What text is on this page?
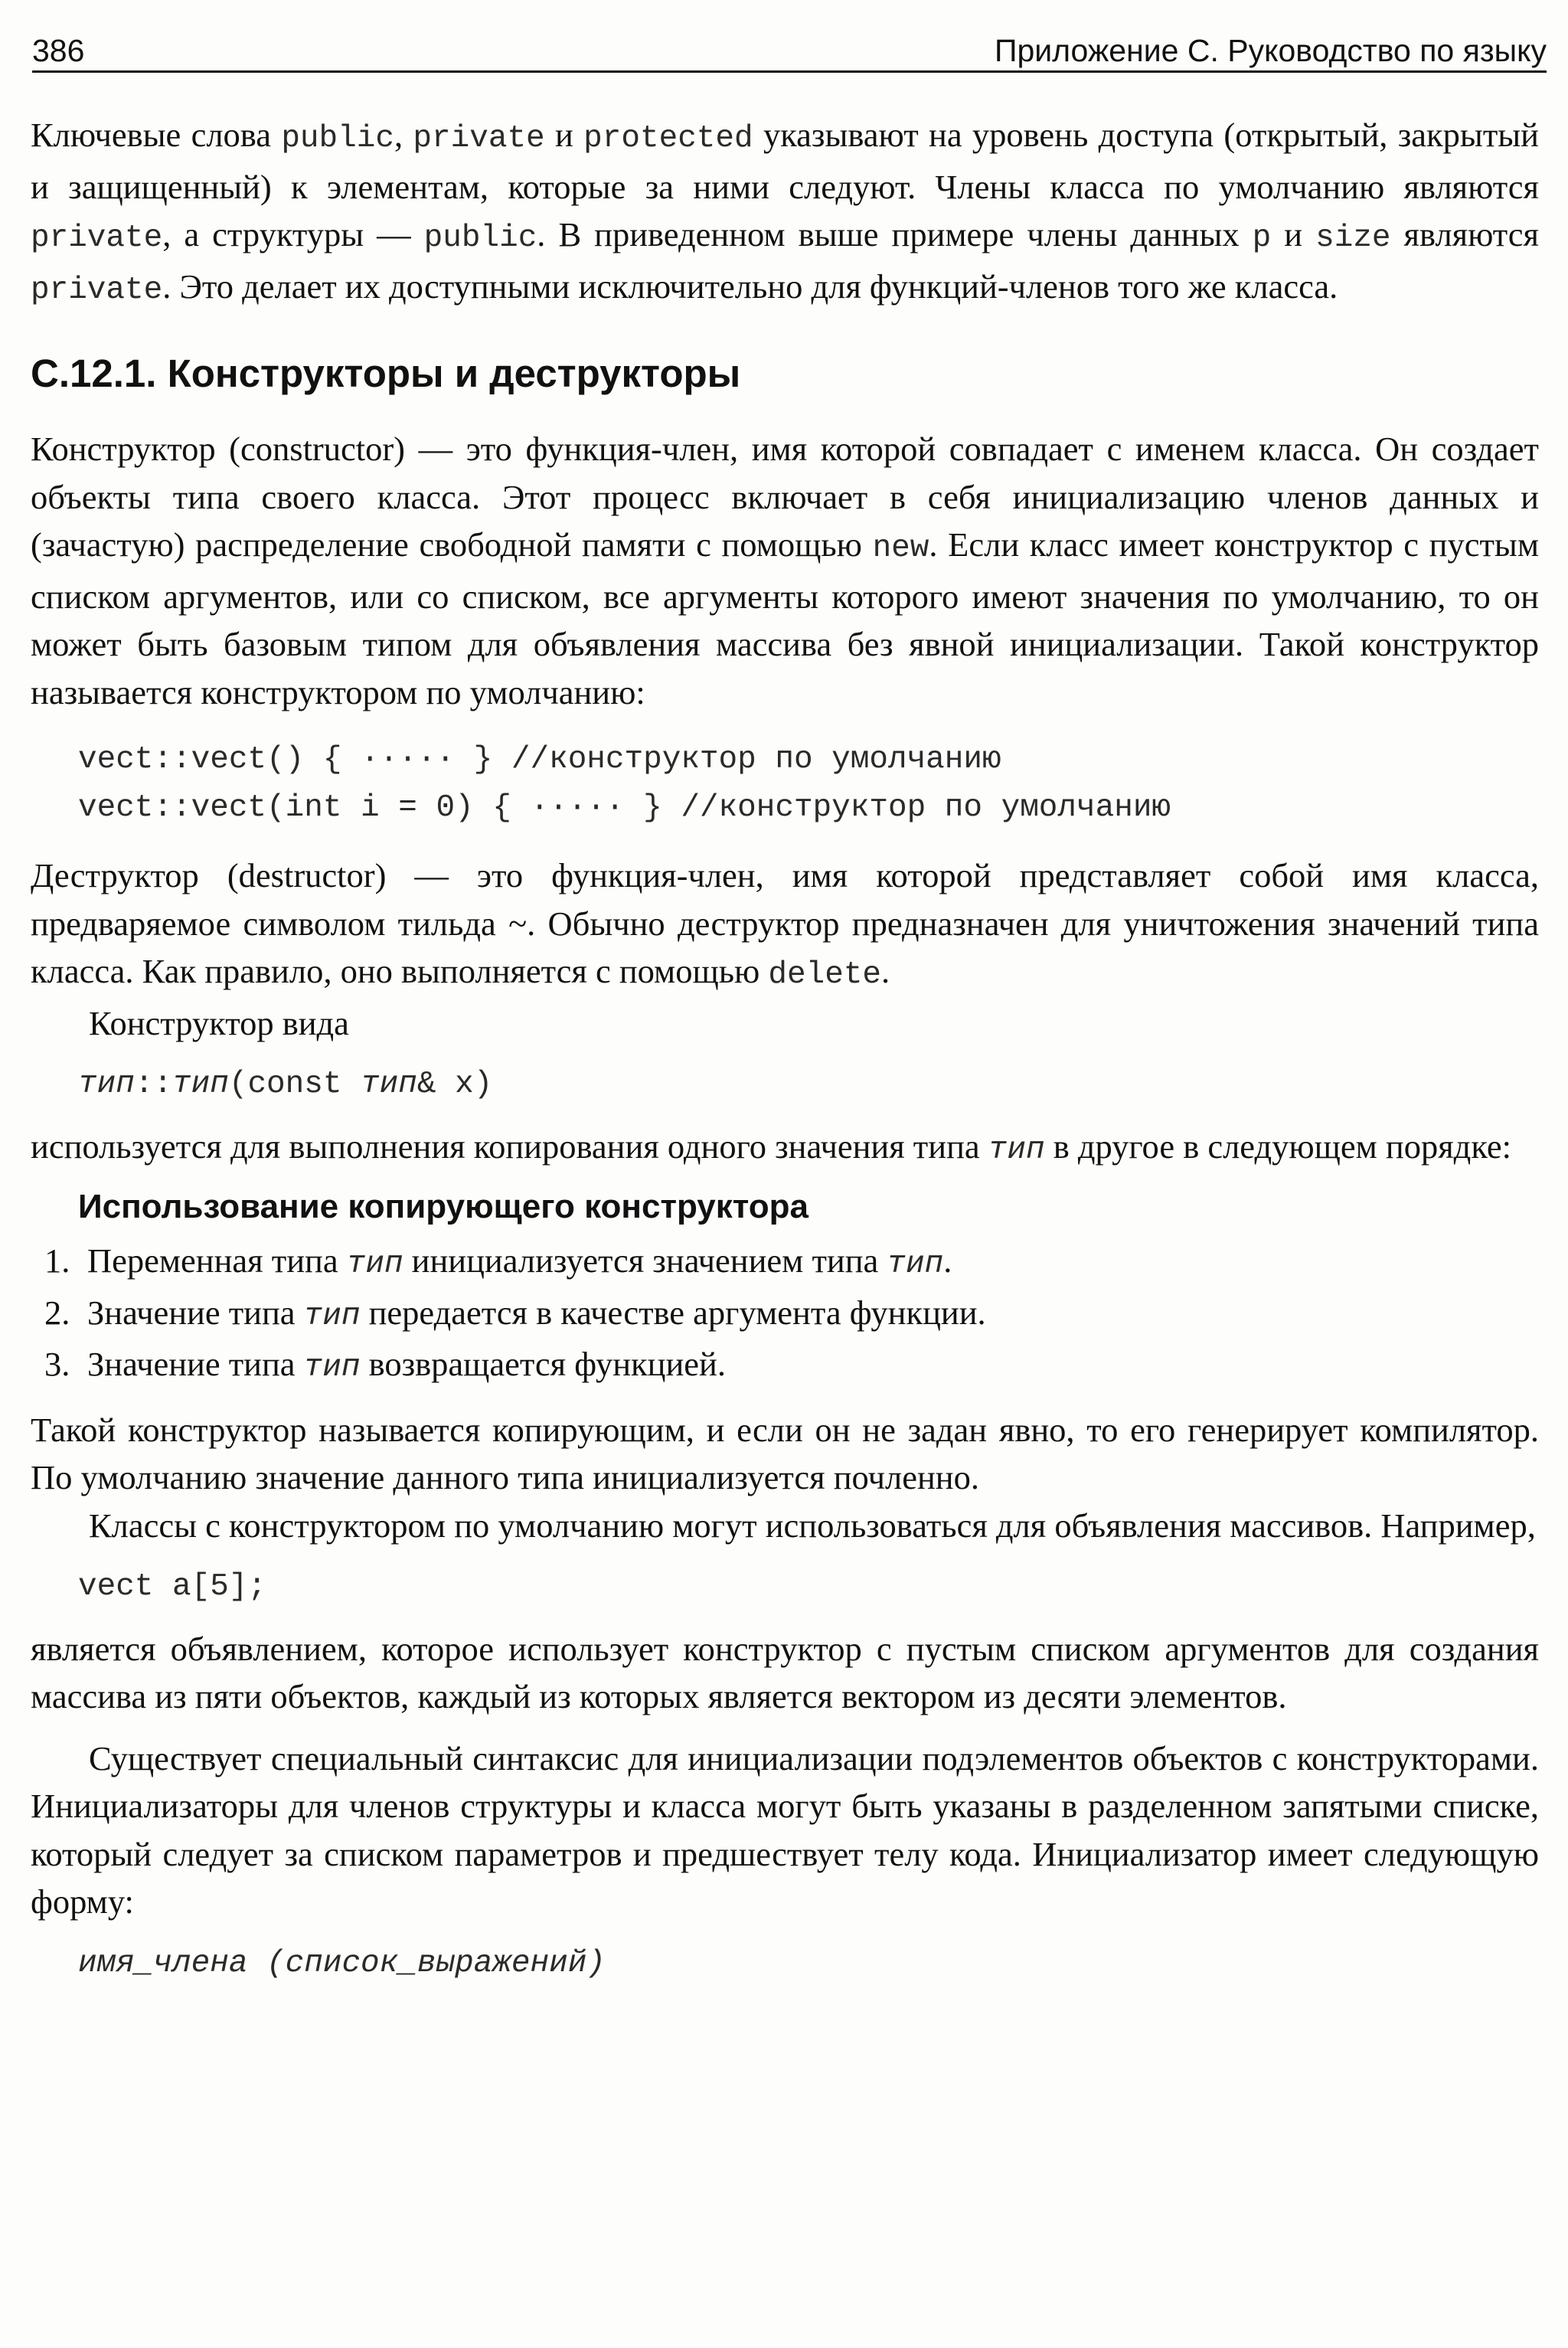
386	Приложение С. Руководство по языку

Ключевые слова public, private и protected указывают на уровень доступа (открытый, закрытый и защищенный) к элементам, которые за ними следуют. Члены класса по умолчанию являются private, а структуры — public. В приведенном выше примере члены данных p и size являются private. Это делает их доступными исключительно для функций-членов того же класса.

С.12.1. Конструкторы и деструкторы

Конструктор (constructor) — это функция-член, имя которой совпадает с именем класса. Он создает объекты типа своего класса. Этот процесс включает в себя инициализацию членов данных и (зачастую) распределение свободной памяти с помощью new. Если класс имеет конструктор с пустым списком аргументов, или со списком, все аргументы которого имеют значения по умолчанию, то он может быть базовым типом для объявления массива без явной инициализации. Такой конструктор называется конструктором по умолчанию:

vect::vect() { ····· } //конструктор по умолчанию
vect::vect(int i = 0) { ····· } //конструктор по умолчанию

Деструктор (destructor) — это функция-член, имя которой представляет собой имя класса, предваряемое символом тильда ~. Обычно деструктор предназначен для уничтожения значений типа класса. Как правило, оно выполняется с помощью delete.

Конструктор вида

тип::тип(const тип& x)

используется для выполнения копирования одного значения типа тип в другое в следующем порядке:

Использование копирующего конструктора
1. Переменная типа тип инициализуется значением типа тип.
2. Значение типа тип передается в качестве аргумента функции.
3. Значение типа тип возвращается функцией.

Такой конструктор называется копирующим, и если он не задан явно, то его генерирует компилятор. По умолчанию значение данного типа инициализуется почленно.

Классы с конструктором по умолчанию могут использоваться для объявления массивов. Например,

vect a[5];

является объявлением, которое использует конструктор с пустым списком аргументов для создания массива из пяти объектов, каждый из которых является вектором из десяти элементов.

Существует специальный синтаксис для инициализации подэлементов объектов с конструкторами. Инициализаторы для членов структуры и класса могут быть указаны в разделенном запятыми списке, который следует за списком параметров и предшествует телу кода. Инициализатор имеет следующую форму:

имя_члена (список_выражений)
